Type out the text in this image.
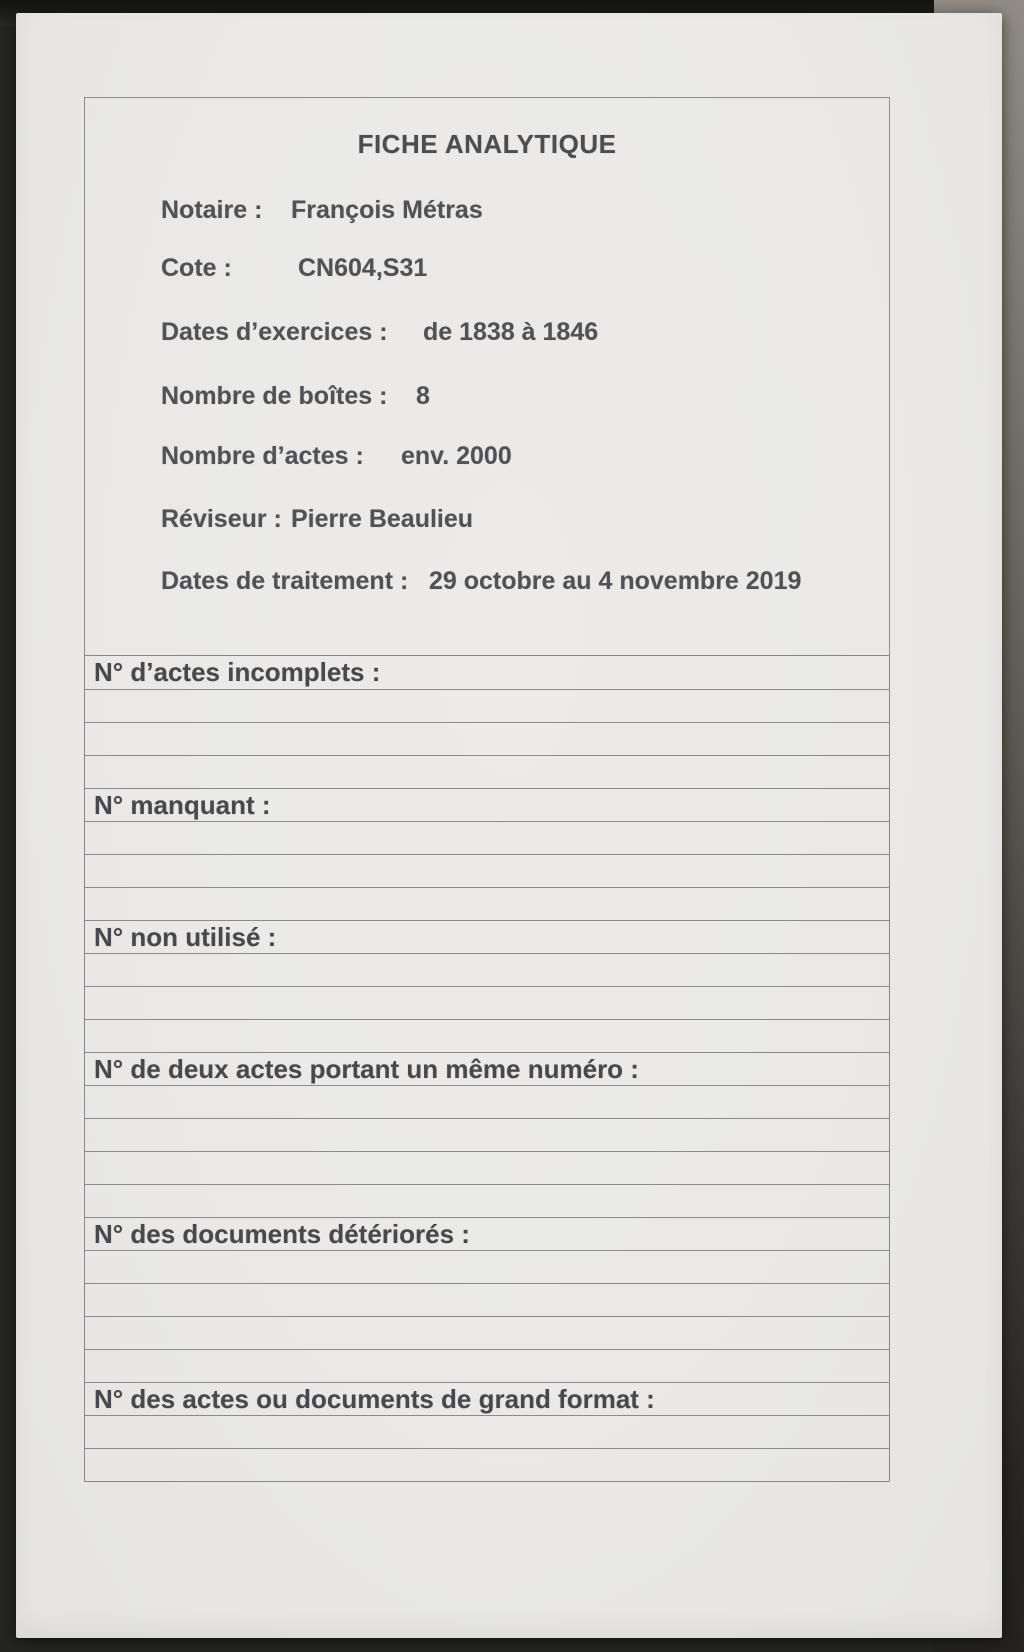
FICHE ANALYTIQUE
Notaire : François Métras
Cote :	CN604,S31
Dates d’exercices : de 1838 à 1846
Nombre de boîtes : 8
Nombre d’actes : env. 2000
Réviseur : Pierre Beaulieu
Dates de traitement : 29 octobre au 4 novembre 2019
N° d’actes incomplets :
N° manquant :
N° non utilisé :
N° de deux actes portant un même numéro :
N° des documents détériorés :
N° des actes ou documents de grand format :
